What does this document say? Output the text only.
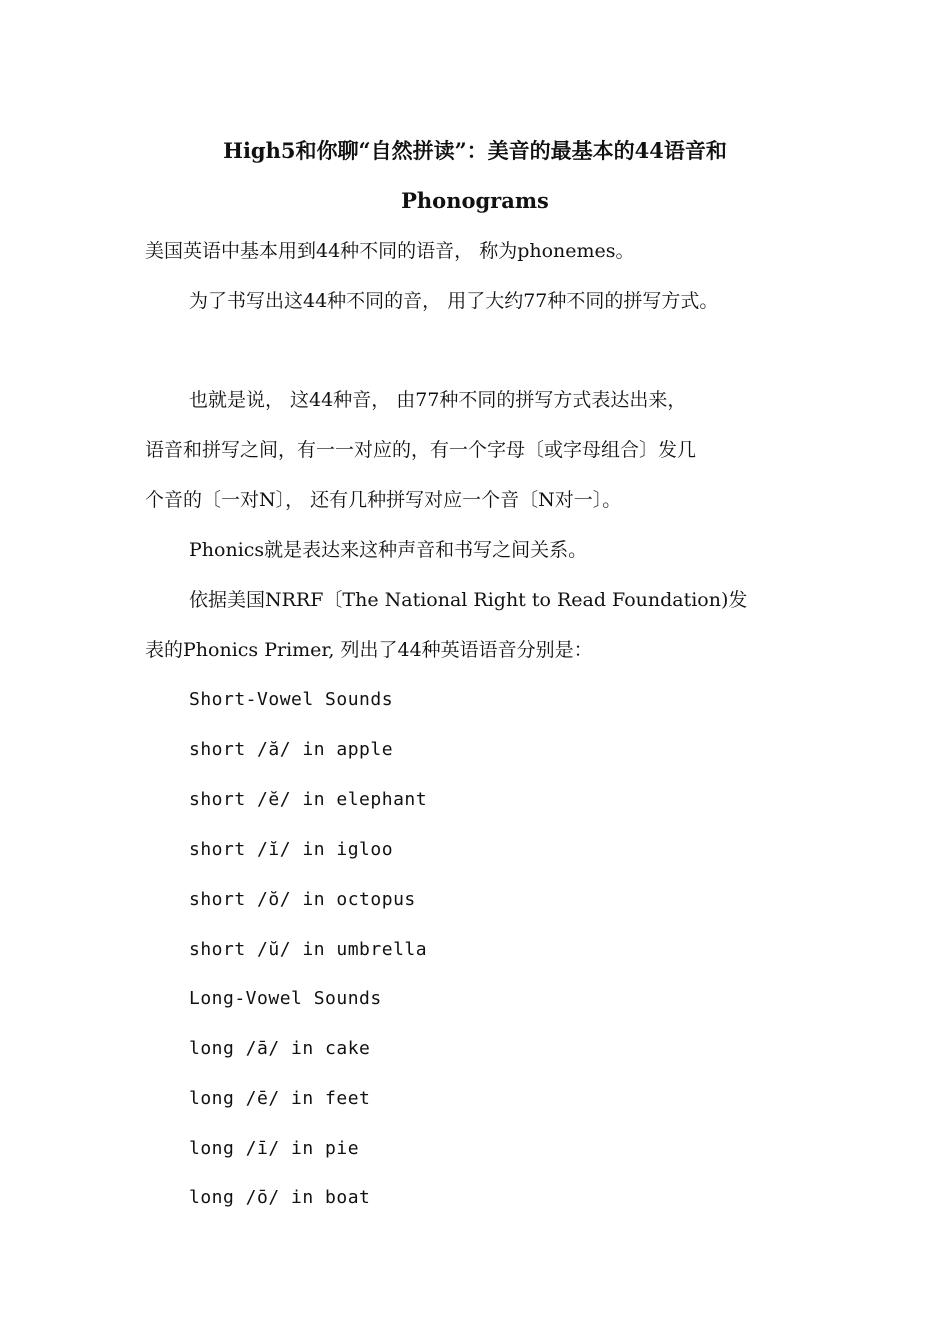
High5和你聊“自然拼读”：美音的最基本的44语音和
Phonograms
美国英语中基本用到44种不同的语音， 称为phonemes。
为了书写出这44种不同的音， 用了大约77种不同的拼写方式。
也就是说， 这44种音， 由77种不同的拼写方式表达出来，
语音和拼写之间，有一一对应的，有一个字母〔或字母组合〕发几
个音的〔一对N〕， 还有几种拼写对应一个音〔N对一〕。
Phonics就是表达来这种声音和书写之间关系。
依据美国NRRF〔The National Right to Read Foundation)发
表的Phonics Primer, 列出了44种英语语音分别是：
Short-Vowel Sounds
short /ă/ in apple
short /ĕ/ in elephant
short /ĭ/ in igloo
short /ŏ/ in octopus
short /ŭ/ in umbrella
Long-Vowel Sounds
long /ā/ in cake
long /ē/ in feet
long /ī/ in pie
long /ō/ in boat
